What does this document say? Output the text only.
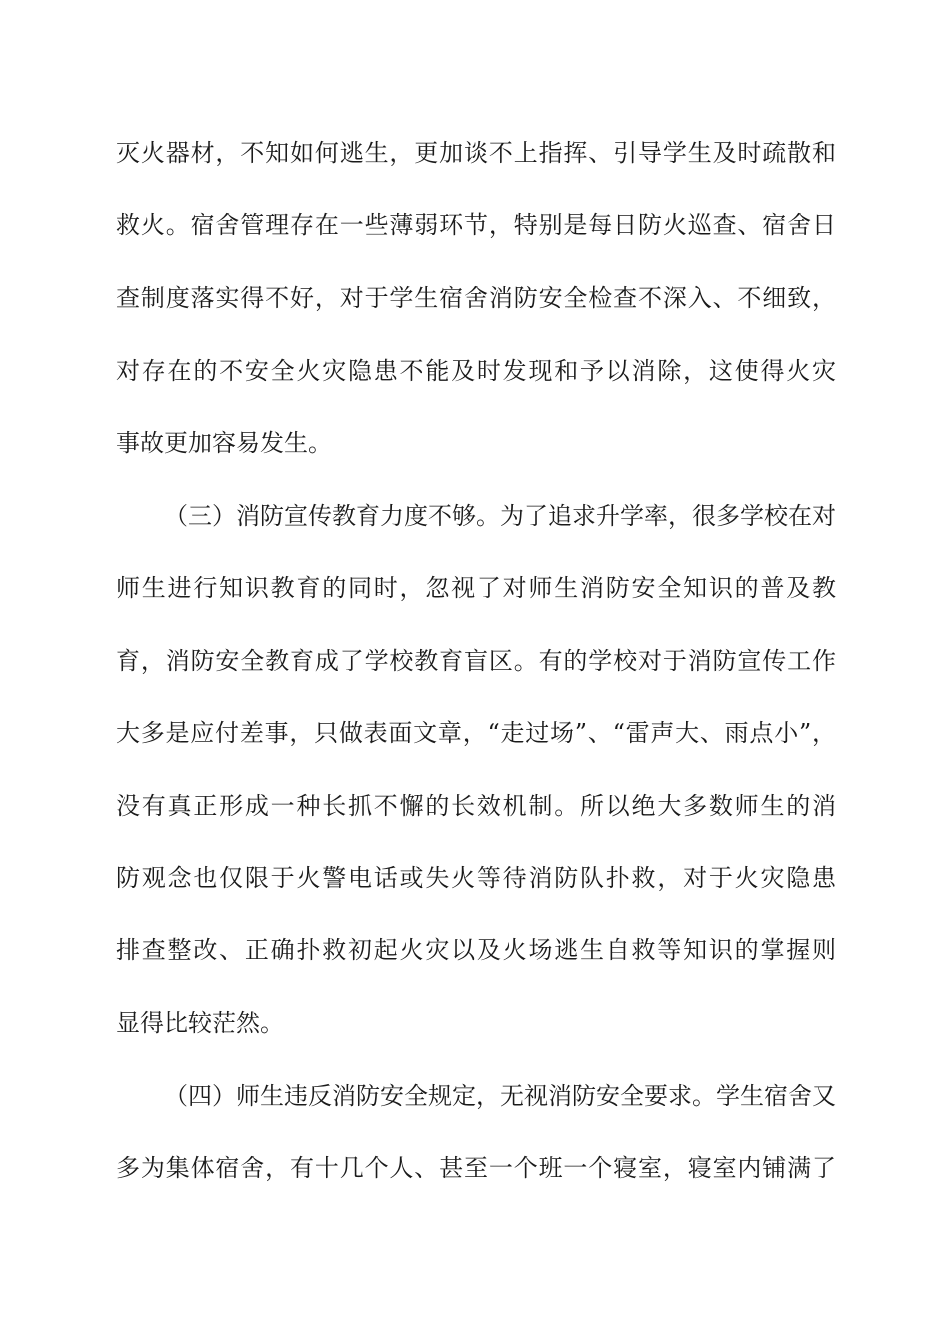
灭火器材，不知如何逃生，更加谈不上指挥、引导学生及时疏散和
救火。宿舍管理存在一些薄弱环节，特别是每日防火巡查、宿舍日
查制度落实得不好，对于学生宿舍消防安全检查不深入、不细致，
对存在的不安全火灾隐患不能及时发现和予以消除，这使得火灾
事故更加容易发生。
（三）消防宣传教育力度不够。为了追求升学率，很多学校在对
师生进行知识教育的同时，忽视了对师生消防安全知识的普及教
育，消防安全教育成了学校教育盲区。有的学校对于消防宣传工作
大多是应付差事，只做表面文章，“走过场”、“雷声大、雨点小”，
没有真正形成一种长抓不懈的长效机制。所以绝大多数师生的消
防观念也仅限于火警电话或失火等待消防队扑救，对于火灾隐患
排查整改、正确扑救初起火灾以及火场逃生自救等知识的掌握则
显得比较茫然。
（四）师生违反消防安全规定，无视消防安全要求。学生宿舍又
多为集体宿舍，有十几个人、甚至一个班一个寝室，寝室内铺满了
